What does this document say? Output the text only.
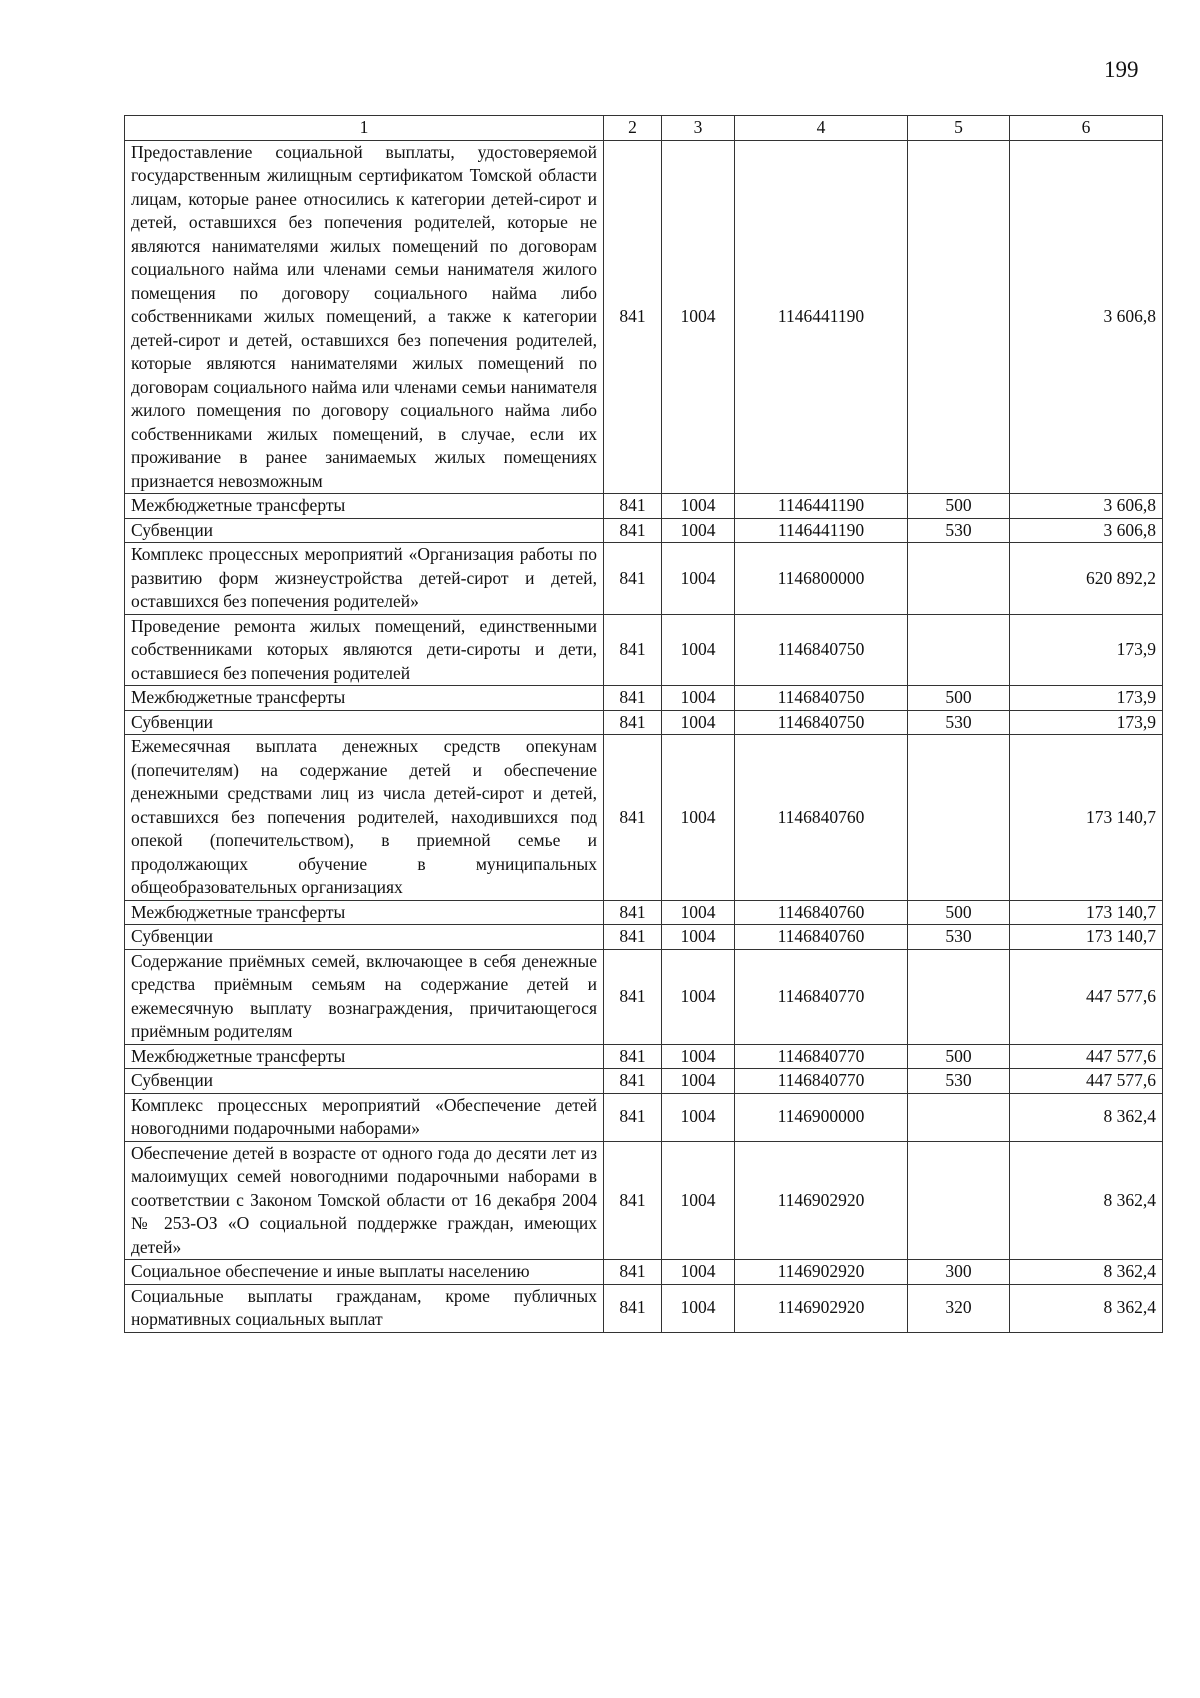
199
1	2	3	4	5	6
Предоставление социальной выплаты, удостоверяемой государственным жилищным сертификатом Томской области лицам, которые ранее относились к категории детей-сирот и детей, оставшихся без попечения родителей, которые не являются нанимателями жилых помещений по договорам социального найма или членами семьи нанимателя жилого помещения по договору социального найма либо собственниками жилых помещений, а также к категории детей-сирот и детей, оставшихся без попечения родителей, которые являются нанимателями жилых помещений по договорам социального найма или членами семьи нанимателя жилого помещения по договору социального найма либо собственниками жилых помещений, в случае, если их проживание в ранее занимаемых жилых помещениях признается невозможным	841	1004	1146441190		3 606,8
Межбюджетные трансферты	841	1004	1146441190	500	3 606,8
Субвенции	841	1004	1146441190	530	3 606,8
Комплекс процессных мероприятий «Организация работы по развитию форм жизнеустройства детей-сирот и детей, оставшихся без попечения родителей»	841	1004	1146800000		620 892,2
Проведение ремонта жилых помещений, единственными собственниками которых являются дети-сироты и дети, оставшиеся без попечения родителей	841	1004	1146840750		173,9
Межбюджетные трансферты	841	1004	1146840750	500	173,9
Субвенции	841	1004	1146840750	530	173,9
Ежемесячная выплата денежных средств опекунам (попечителям) на содержание детей и обеспечение денежными средствами лиц из числа детей-сирот и детей, оставшихся без попечения родителей, находившихся под опекой (попечительством), в приемной семье и продолжающих обучение в муниципальных общеобразовательных организациях	841	1004	1146840760		173 140,7
Межбюджетные трансферты	841	1004	1146840760	500	173 140,7
Субвенции	841	1004	1146840760	530	173 140,7
Содержание приёмных семей, включающее в себя денежные средства приёмным семьям на содержание детей и ежемесячную выплату вознаграждения, причитающегося приёмным родителям	841	1004	1146840770		447 577,6
Межбюджетные трансферты	841	1004	1146840770	500	447 577,6
Субвенции	841	1004	1146840770	530	447 577,6
Комплекс процессных мероприятий «Обеспечение детей новогодними подарочными наборами»	841	1004	1146900000		8 362,4
Обеспечение детей в возрасте от одного года до десяти лет из малоимущих семей новогодними подарочными наборами в соответствии с Законом Томской области от 16 декабря 2004 № 253-ОЗ «О социальной поддержке граждан, имеющих детей»	841	1004	1146902920		8 362,4
Социальное обеспечение и иные выплаты населению	841	1004	1146902920	300	8 362,4
Социальные выплаты гражданам, кроме публичных нормативных социальных выплат	841	1004	1146902920	320	8 362,4
